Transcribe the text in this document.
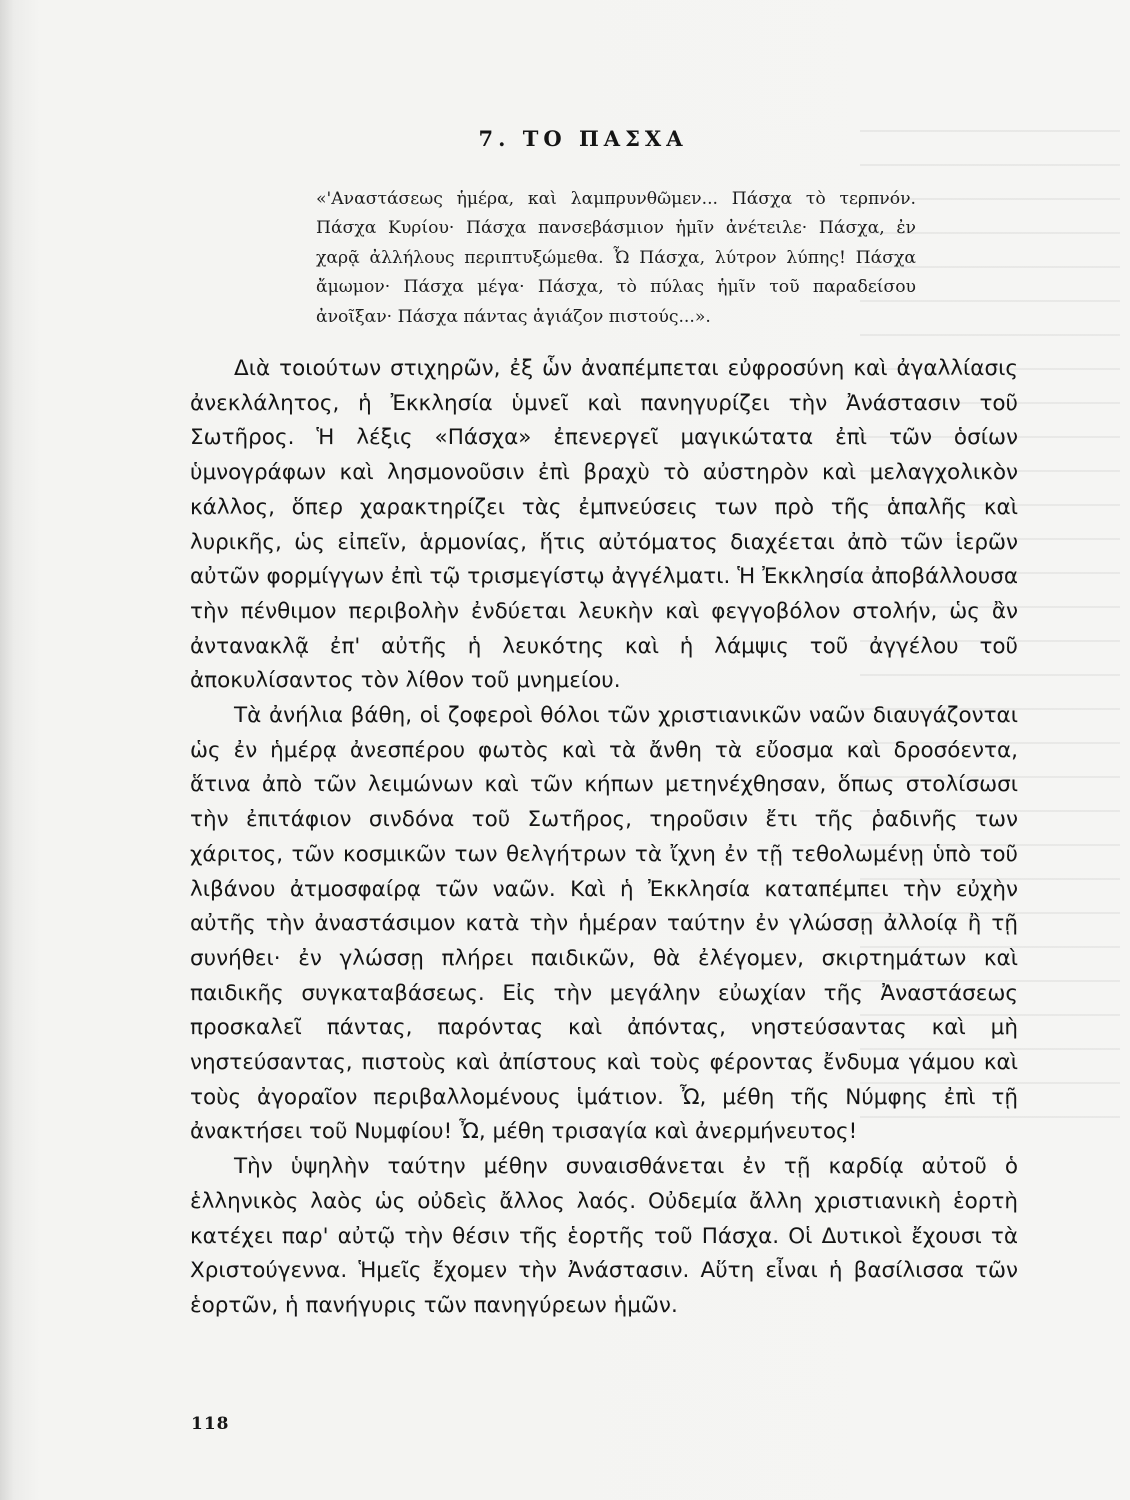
7. ΤΟ ΠΑΣΧΑ
«'Αναστάσεως ἡμέρα, καὶ λαμπρυνθῶμεν... Πάσχα τὸ τερπνόν. Πάσχα Κυρίου· Πάσχα πανσεβάσμιον ἡμῖν ἀνέτειλε· Πάσχα, ἐν χαρᾷ ἀλλήλους περιπτυξώμεθα. Ὦ Πάσχα, λύτρον λύπης! Πάσχα ἄμωμον· Πάσχα μέγα· Πάσχα, τὸ πύλας ἡμῖν τοῦ παραδείσου ἀνοῖξαν· Πάσχα πάντας ἁγιάζον πιστούς...».

Διὰ τοιούτων στιχηρῶν, ἐξ ὧν ἀναπέμπεται εὐφροσύνη καὶ ἀγαλλίασις ἀνεκλάλητος, ἡ Ἐκκλησία ὑμνεῖ καὶ πανηγυρίζει τὴν Ἀνάστασιν τοῦ Σωτῆρος. Ἡ λέξις «Πάσχα» ἐπενεργεῖ μαγικώτατα ἐπὶ τῶν ὁσίων ὑμνογράφων καὶ λησμονοῦσιν ἐπὶ βραχὺ τὸ αὐστηρὸν καὶ μελαγχολικὸν κάλλος, ὅπερ χαρακτηρίζει τὰς ἐμπνεύσεις των πρὸ τῆς ἁπαλῆς καὶ λυρικῆς, ὡς εἰπεῖν, ἁρμονίας, ἥτις αὐτόματος διαχέεται ἀπὸ τῶν ἱερῶν αὐτῶν φορμίγγων ἐπὶ τῷ τρισμεγίστῳ ἀγγέλματι. Ἡ Ἐκκλησία ἀποβάλλουσα τὴν πένθιμον περιβολὴν ἐνδύεται λευκὴν καὶ φεγγοβόλον στολήν, ὡς ἂν ἀντανακλᾷ ἐπ' αὐτῆς ἡ λευκότης καὶ ἡ λάμψις τοῦ ἀγγέλου τοῦ ἀποκυλίσαντος τὸν λίθον τοῦ μνημείου.

Τὰ ἀνήλια βάθη, οἱ ζοφεροὶ θόλοι τῶν χριστιανικῶν ναῶν διαυγάζονται ὡς ἐν ἡμέρᾳ ἀνεσπέρου φωτὸς καὶ τὰ ἄνθη τὰ εὔοσμα καὶ δροσόεντα, ἅτινα ἀπὸ τῶν λειμώνων καὶ τῶν κήπων μετηνέχθησαν, ὅπως στολίσωσι τὴν ἐπιτάφιον σινδόνα τοῦ Σωτῆρος, τηροῦσιν ἔτι τῆς ῥαδινῆς των χάριτος, τῶν κοσμικῶν των θελγήτρων τὰ ἴχνη ἐν τῇ τεθολωμένῃ ὑπὸ τοῦ λιβάνου ἀτμοσφαίρᾳ τῶν ναῶν. Καὶ ἡ Ἐκκλησία καταπέμπει τὴν εὐχὴν αὐτῆς τὴν ἀναστάσιμον κατὰ τὴν ἡμέραν ταύτην ἐν γλώσσῃ ἀλλοίᾳ ἢ τῇ συνήθει· ἐν γλώσσῃ πλήρει παιδικῶν, θὰ ἐλέγομεν, σκιρτημάτων καὶ παιδικῆς συγκαταβάσεως. Εἰς τὴν μεγάλην εὐωχίαν τῆς Ἀναστάσεως προσκαλεῖ πάντας, παρόντας καὶ ἀπόντας, νηστεύσαντας καὶ μὴ νηστεύσαντας, πιστοὺς καὶ ἀπίστους καὶ τοὺς φέροντας ἔνδυμα γάμου καὶ τοὺς ἀγοραῖον περιβαλλομένους ἱμάτιον. Ὦ, μέθη τῆς Νύμφης ἐπὶ τῇ ἀνακτήσει τοῦ Νυμφίου! Ὦ, μέθη τρισαγία καὶ ἀνερμήνευτος!

Τὴν ὑψηλὴν ταύτην μέθην συναισθάνεται ἐν τῇ καρδίᾳ αὐτοῦ ὁ ἑλληνικὸς λαὸς ὡς οὐδεὶς ἄλλος λαός. Οὐδεμία ἄλλη χριστιανικὴ ἑορτὴ κατέχει παρ' αὐτῷ τὴν θέσιν τῆς ἑορτῆς τοῦ Πάσχα. Οἱ Δυτικοὶ ἔχουσι τὰ Χριστούγεννα. Ἡμεῖς ἔχομεν τὴν Ἀνάστασιν. Αὕτη εἶναι ἡ βασίλισσα τῶν ἑορτῶν, ἡ πανήγυρις τῶν πανηγύρεων ἡμῶν.

118
